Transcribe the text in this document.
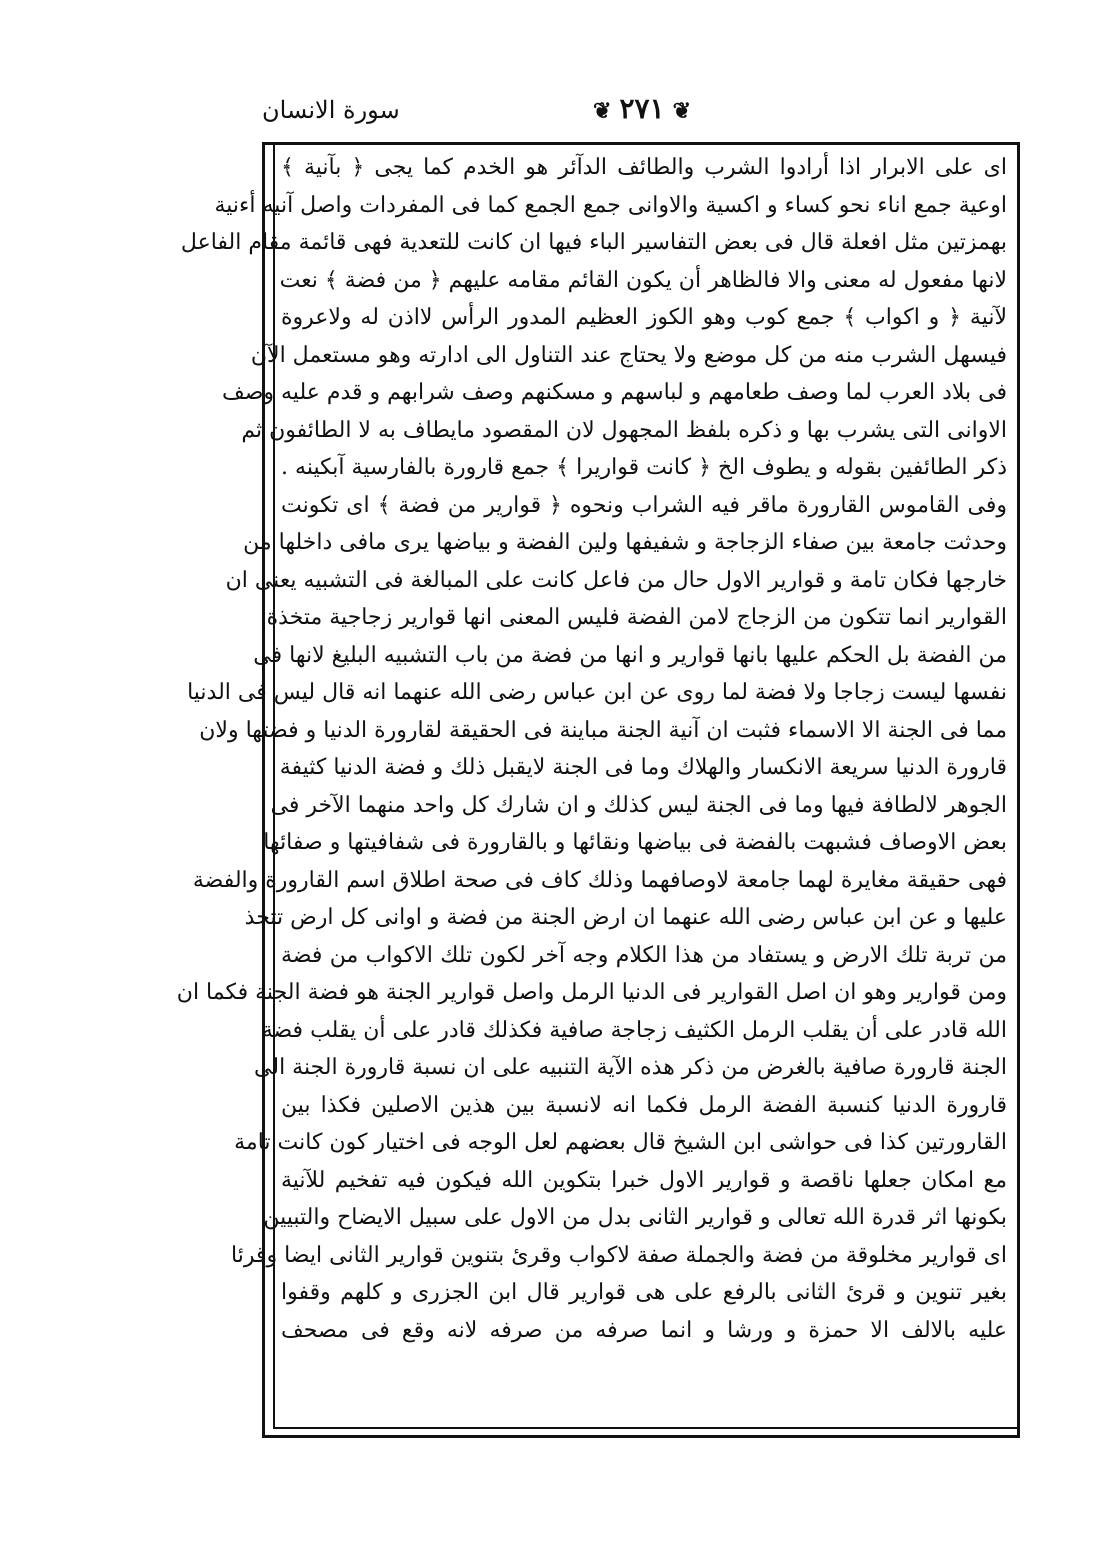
❦٢٧١❦
سورة الانسان
اى على الابرار اذا أرادوا الشرب والطائف الدآئر هو الخدم كما يجى ﴿ بآنية ﴾
اوعية جمع اناء نحو كساء و اكسية والاوانى جمع الجمع كما فى المفردات واصل آنيه أءنية
بهمزتين مثل افعلة قال فى بعض التفاسير الباء فيها ان كانت للتعدية فهى قائمة مقام الفاعل
لانها مفعول له معنى والا فالظاهر أن يكون القائم مقامه عليهم ﴿ من فضة ﴾ نعت
لآنية ﴿ و اكواب ﴾ جمع كوب وهو الكوز العظيم المدور الرأس لااذن له ولاعروة
فيسهل الشرب منه من كل موضع ولا يحتاج عند التناول الى ادارته وهو مستعمل الآن
فى بلاد العرب لما وصف طعامهم و لباسهم و مسكنهم وصف شرابهم و قدم عليه وصف
الاوانى التى يشرب بها و ذكره بلفظ المجهول لان المقصود مايطاف به لا الطائفون ثم
ذكر الطائفين بقوله و يطوف الخ ﴿ كانت قواريرا ﴾ جمع قارورة بالفارسية آبكينه .
وفى القاموس القارورة ماقر فيه الشراب ونحوه ﴿ قوارير من فضة ﴾ اى تكونت
وحدثت جامعة بين صفاء الزجاجة و شفيفها ولين الفضة و بياضها يرى مافى داخلها من
خارجها فكان تامة و قوارير الاول حال من فاعل كانت على المبالغة فى التشبيه يعنى ان
القوارير انما تتكون من الزجاج لامن الفضة فليس المعنى انها قوارير زجاجية متخذة
من الفضة بل الحكم عليها بانها قوارير و انها من فضة من باب التشبيه البليغ لانها فى
نفسها ليست زجاجا ولا فضة لما روى عن ابن عباس رضى الله عنهما انه قال ليس فى الدنيا
مما فى الجنة الا الاسماء فثبت ان آنية الجنة مباينة فى الحقيقة لقارورة الدنيا و فضتها ولان
قارورة الدنيا سريعة الانكسار والهلاك وما فى الجنة لايقبل ذلك و فضة الدنيا كثيفة
الجوهر لالطافة فيها وما فى الجنة ليس كذلك و ان شارك كل واحد منهما الآخر فى
بعض الاوصاف فشبهت بالفضة فى بياضها ونقائها و بالقارورة فى شفافيتها و صفائها
فهى حقيقة مغايرة لهما جامعة لاوصافهما وذلك كاف فى صحة اطلاق اسم القارورة والفضة
عليها و عن ابن عباس رضى الله عنهما ان ارض الجنة من فضة و اوانى كل ارض تتخذ
من تربة تلك الارض و يستفاد من هذا الكلام وجه آخر لكون تلك الاكواب من فضة
ومن قوارير وهو ان اصل القوارير فى الدنيا الرمل واصل قوارير الجنة هو فضة الجنة فكما ان
الله قادر على أن يقلب الرمل الكثيف زجاجة صافية فكذلك قادر على أن يقلب فضة
الجنة قارورة صافية بالغرض من ذكر هذه الآية التنبيه على ان نسبة قارورة الجنة الى
قارورة الدنيا كنسبة الفضة الرمل فكما انه لانسبة بين هذين الاصلين فكذا بين
القارورتين كذا فى حواشى ابن الشيخ قال بعضهم لعل الوجه فى اختيار كون كانت تامة
مع امكان جعلها ناقصة و قوارير الاول خبرا بتكوين الله فيكون فيه تفخيم للآنية
بكونها اثر قدرة الله تعالى و قوارير الثانى بدل من الاول على سبيل الايضاح والتبيين
اى قوارير مخلوقة من فضة والجملة صفة لاكواب وقرئ بتنوين قوارير الثانى ايضا وقرئا
بغير تنوين و قرئ الثانى بالرفع على هى قوارير قال ابن الجزرى و كلهم وقفوا
عليه بالالف الا حمزة و ورشا و انما صرفه من صرفه لانه وقع فى مصحف
